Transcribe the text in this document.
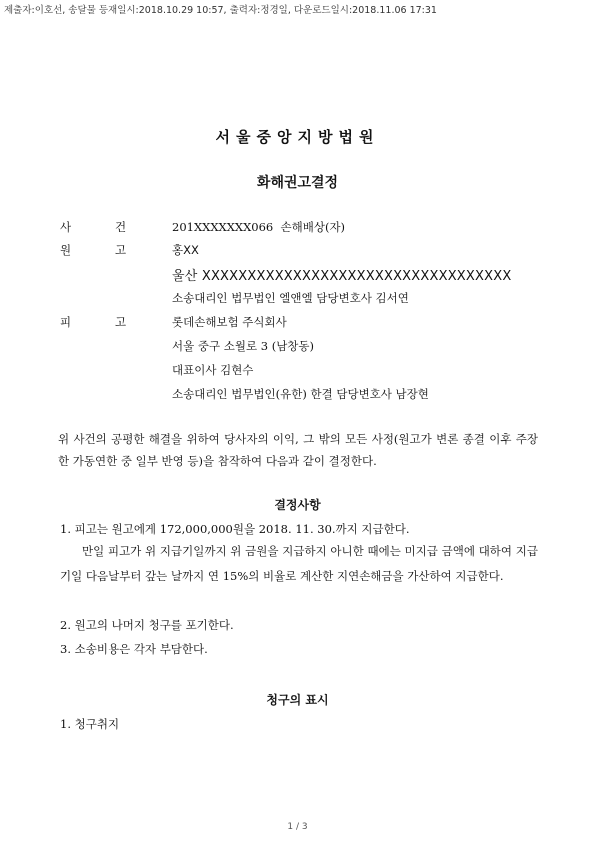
제출자:이호선, 송달물 등재일시:2018.10.29 10:57, 출력자:정경일, 다운로드일시:2018.11.06 17:31
서울중앙지방법원
화해권고결정
사	건	201XXXXXXX066 손해배상(자)
원	고	홍XX
울산 XXXXXXXXXXXXXXXXXXXXXXXXXXXXXXXXXX
소송대리인 법무법인 엘앤엘 담당변호사 김서연
피	고	롯데손해보험 주식회사
서울 중구 소월로 3 (남창동)
대표이사 김현수
소송대리인 법무법인(유한) 한결 담당변호사 남장현
위 사건의 공평한 해결을 위하여 당사자의 이익, 그 밖의 모든 사정(원고가 변론 종결 이후 주장한 가동연한 중 일부 반영 등)을 참작하여 다음과 같이 결정한다.
결정사항
1. 피고는 원고에게 172,000,000원을 2018. 11. 30.까지 지급한다.
만일 피고가 위 지급기일까지 위 금원을 지급하지 아니한 때에는 미지급 금액에 대하여 지급기일 다음날부터 갚는 날까지 연 15%의 비율로 계산한 지연손해금을 가산하여 지급한다.
2. 원고의 나머지 청구를 포기한다.
3. 소송비용은 각자 부담한다.
청구의 표시
1. 청구취지
1 / 3
